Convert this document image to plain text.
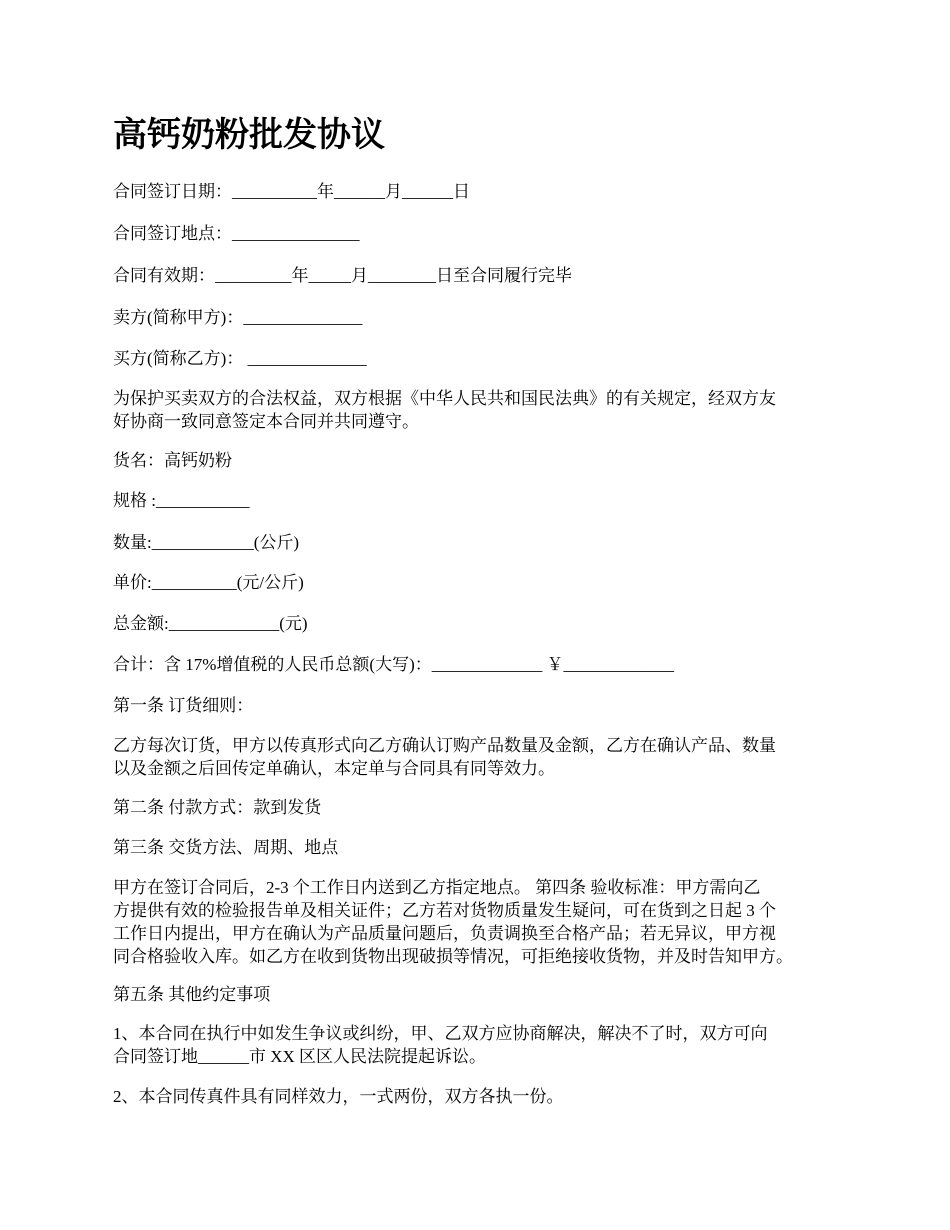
高钙奶粉批发协议

合同签订日期：__________年______月______日

合同签订地点：_______________

合同有效期：_________年_____月________日至合同履行完毕

卖方(简称甲方)：______________

买方(简称乙方)： ______________

为保护买卖双方的合法权益，双方根据《中华人民共和国民法典》的有关规定，经双方友
好协商一致同意签定本合同并共同遵守。

货名：高钙奶粉

规格 :___________

数量:____________(公斤)

单价:__________(元/公斤)

总金额:_____________(元)

合计：含 17%增值税的人民币总额(大写)：_____________ ￥_____________

第一条 订货细则：

乙方每次订货，甲方以传真形式向乙方确认订购产品数量及金额，乙方在确认产品、数量
以及金额之后回传定单确认，本定单与合同具有同等效力。

第二条 付款方式：款到发货

第三条 交货方法、周期、地点

甲方在签订合同后，2-3 个工作日内送到乙方指定地点。 第四条 验收标准：甲方需向乙
方提供有效的检验报告单及相关证件；乙方若对货物质量发生疑问，可在货到之日起 3 个
工作日内提出，甲方在确认为产品质量问题后，负责调换至合格产品；若无异议，甲方视
同合格验收入库。如乙方在收到货物出现破损等情况，可拒绝接收货物，并及时告知甲方。

第五条 其他约定事项

1、本合同在执行中如发生争议或纠纷，甲、乙双方应协商解决，解决不了时，双方可向
合同签订地______市 XX 区区人民法院提起诉讼。

2、本合同传真件具有同样效力，一式两份，双方各执一份。
